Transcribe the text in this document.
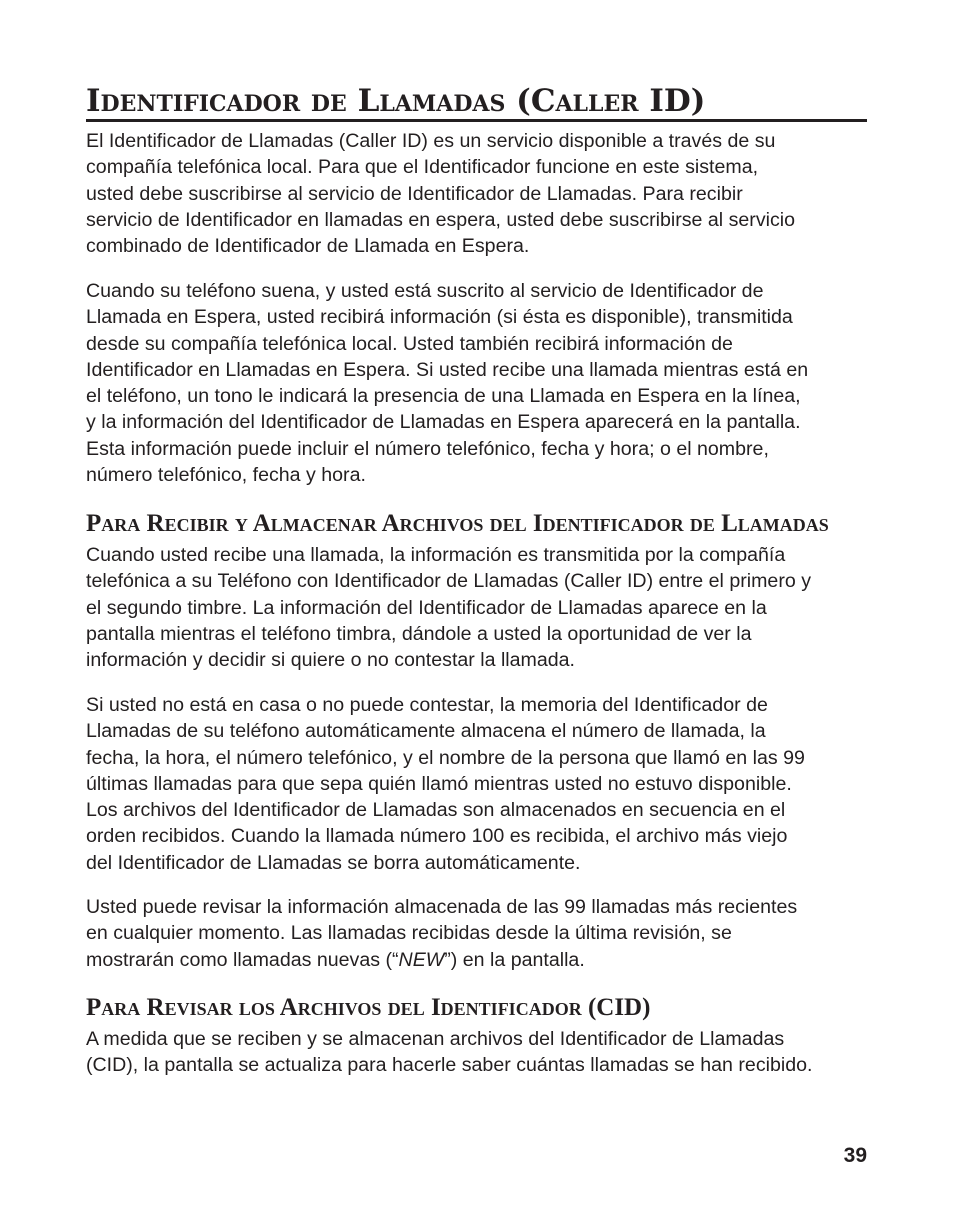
Identificador de Llamadas (Caller ID)
El Identificador de Llamadas (Caller ID) es un servicio disponible a través de su
compañía telefónica local. Para que el Identificador funcione en este sistema,
usted debe suscribirse al servicio de Identificador de Llamadas. Para recibir
servicio de Identificador en llamadas en espera, usted debe suscribirse al servicio
combinado de Identificador de Llamada en Espera.
Cuando su teléfono suena, y usted está suscrito al servicio de Identificador de
Llamada en Espera, usted recibirá información (si ésta es disponible), transmitida
desde su compañía telefónica local. Usted también recibirá información de
Identificador en Llamadas en Espera. Si usted recibe una llamada mientras está en
el teléfono, un tono le indicará la presencia de una Llamada en Espera en la línea,
y la información del Identificador de Llamadas en Espera aparecerá en la pantalla.
Esta información puede incluir el número telefónico, fecha y hora; o el nombre,
número telefónico, fecha y hora.
Para Recibir y Almacenar Archivos del Identificador de Llamadas
Cuando usted recibe una llamada, la información es transmitida por la compañía
telefónica a su Teléfono con Identificador de Llamadas (Caller ID) entre el primero y
el segundo timbre. La información del Identificador de Llamadas aparece en la
pantalla mientras el teléfono timbra, dándole a usted la oportunidad de ver la
información y decidir si quiere o no contestar la llamada.
Si usted no está en casa o no puede contestar, la memoria del Identificador de
Llamadas de su teléfono automáticamente almacena el número de llamada, la
fecha, la hora, el número telefónico, y el nombre de la persona que llamó en las 99
últimas llamadas para que sepa quién llamó mientras usted no estuvo disponible.
Los archivos del Identificador de Llamadas son almacenados en secuencia en el
orden recibidos. Cuando la llamada número 100 es recibida, el archivo más viejo
del Identificador de Llamadas se borra automáticamente.
Usted puede revisar la información almacenada de las 99 llamadas más recientes
en cualquier momento. Las llamadas recibidas desde la última revisión, se
mostrarán como llamadas nuevas (“NEW”) en la pantalla.
Para Revisar los Archivos del Identificador (CID)
A medida que se reciben y se almacenan archivos del Identificador de Llamadas
(CID), la pantalla se actualiza para hacerle saber cuántas llamadas se han recibido.
39
